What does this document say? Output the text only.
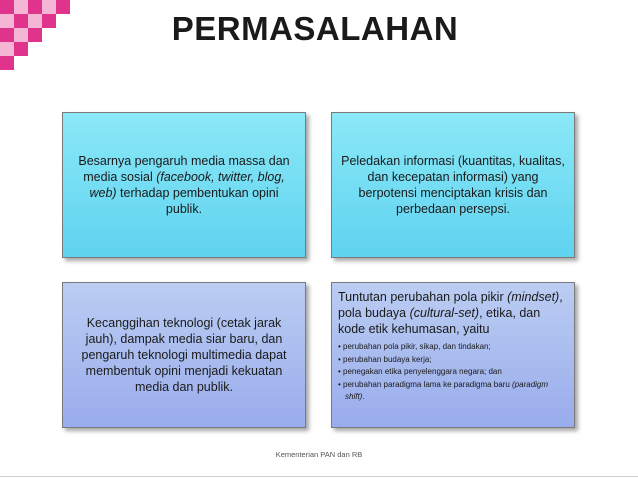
PERMASALAHAN
Besarnya pengaruh media massa dan media sosial (facebook, twitter, blog, web) terhadap pembentukan opini publik.
Peledakan informasi (kuantitas, kualitas, dan kecepatan informasi) yang berpotensi menciptakan krisis dan perbedaan persepsi.
Kecanggihan teknologi (cetak jarak jauh), dampak media siar baru, dan pengaruh teknologi multimedia dapat membentuk opini menjadi kekuatan media dan publik.
Tuntutan perubahan pola pikir (mindset), pola budaya (cultural-set), etika, dan kode etik kehumasan, yaitu
• perubahan pola pikir, sikap, dan tindakan;
• perubahan budaya kerja;
• penegakan etika penyelenggara negara; dan
• perubahan paradigma lama ke paradigma baru (paradigm shift).
Kementerian PAN dan RB
